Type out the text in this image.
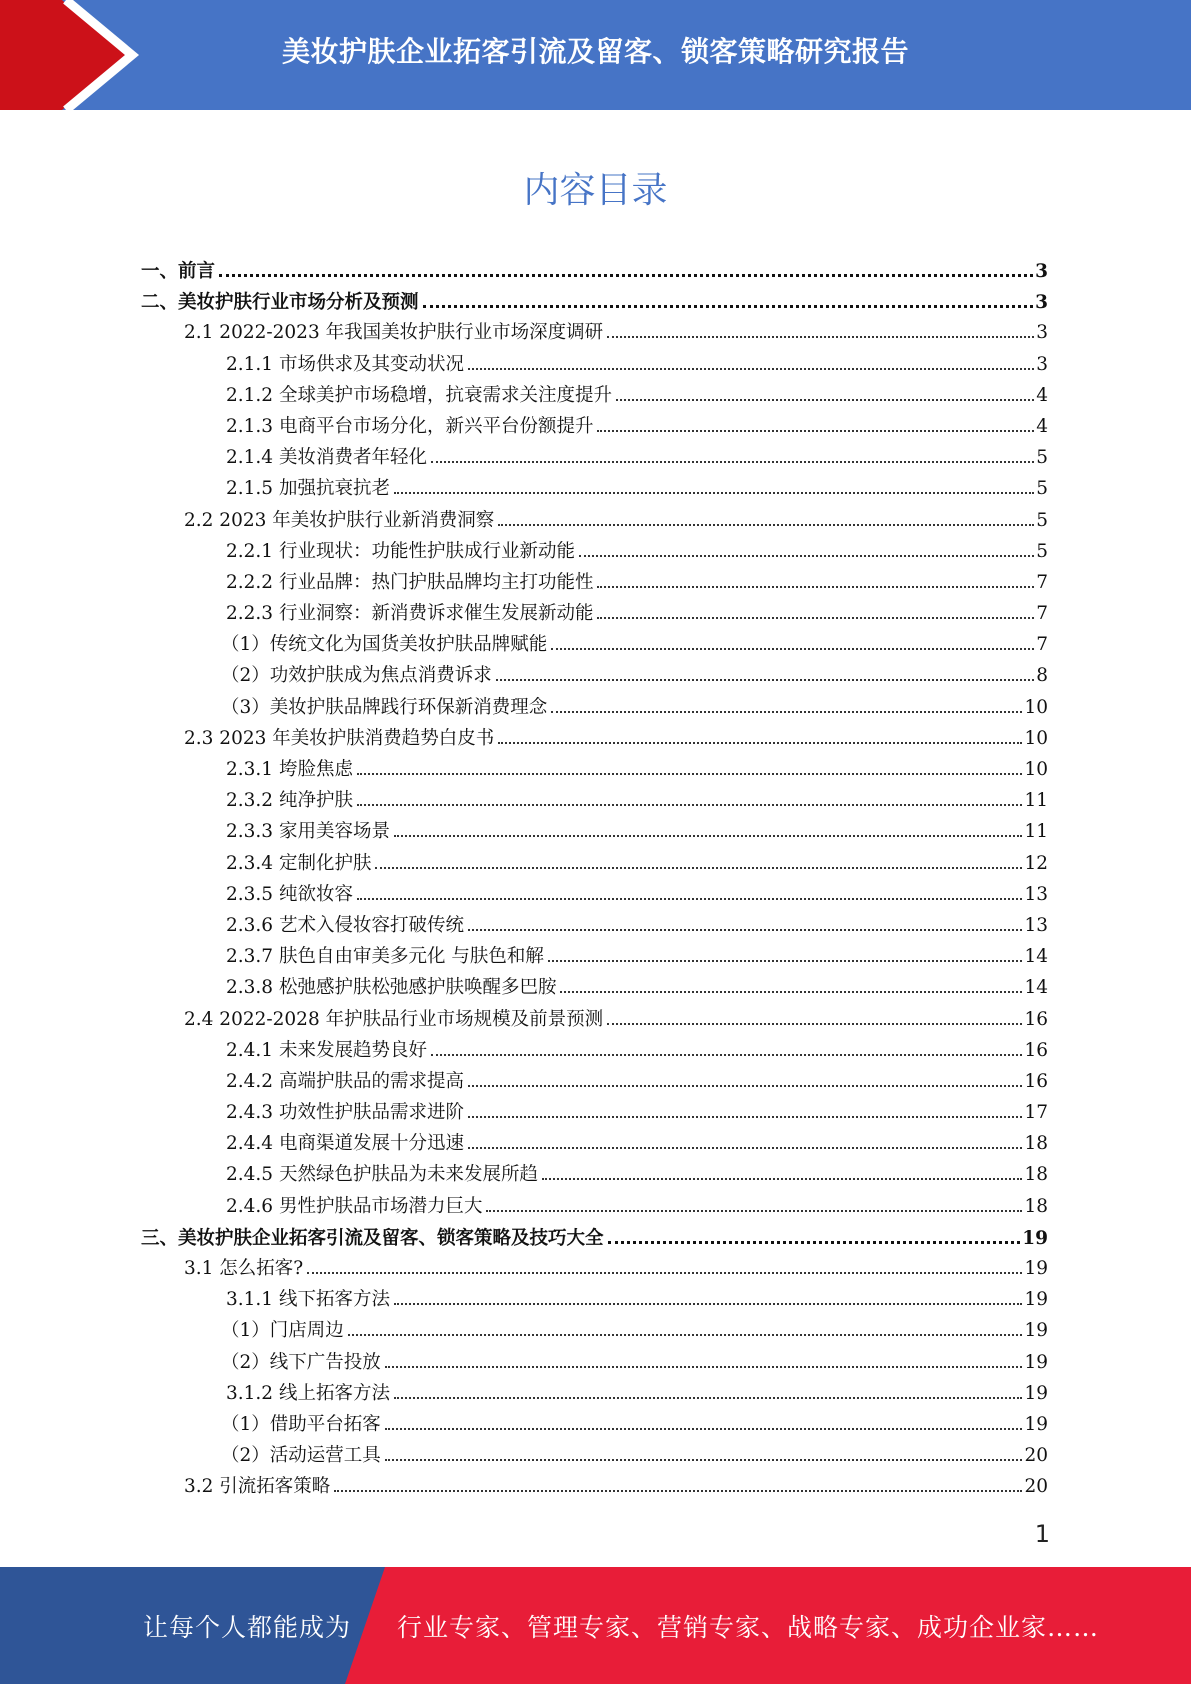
美妆护肤企业拓客引流及留客、锁客策略研究报告
内容目录
一、前言	3
二、美妆护肤行业市场分析及预测	3
2.1 2022-2023 年我国美妆护肤行业市场深度调研	3
2.1.1 市场供求及其变动状况	3
2.1.2 全球美护市场稳增，抗衰需求关注度提升	4
2.1.3 电商平台市场分化，新兴平台份额提升	4
2.1.4 美妆消费者年轻化	5
2.1.5 加强抗衰抗老	5
2.2 2023 年美妆护肤行业新消费洞察	5
2.2.1 行业现状：功能性护肤成行业新动能	5
2.2.2 行业品牌：热门护肤品牌均主打功能性	7
2.2.3 行业洞察：新消费诉求催生发展新动能	7
（1）传统文化为国货美妆护肤品牌赋能	7
（2）功效护肤成为焦点消费诉求	8
（3）美妆护肤品牌践行环保新消费理念	10
2.3 2023 年美妆护肤消费趋势白皮书	10
2.3.1 垮脸焦虑	10
2.3.2 纯净护肤	11
2.3.3 家用美容场景	11
2.3.4 定制化护肤	12
2.3.5 纯欲妆容	13
2.3.6 艺术入侵妆容打破传统	13
2.3.7 肤色自由审美多元化 与肤色和解	14
2.3.8 松弛感护肤松弛感护肤唤醒多巴胺	14
2.4 2022-2028 年护肤品行业市场规模及前景预测	16
2.4.1 未来发展趋势良好	16
2.4.2 高端护肤品的需求提高	16
2.4.3 功效性护肤品需求进阶	17
2.4.4 电商渠道发展十分迅速	18
2.4.5 天然绿色护肤品为未来发展所趋	18
2.4.6 男性护肤品市场潜力巨大	18
三、美妆护肤企业拓客引流及留客、锁客策略及技巧大全	19
3.1 怎么拓客?	19
3.1.1 线下拓客方法	19
（1）门店周边	19
（2）线下广告投放	19
3.1.2 线上拓客方法	19
（1）借助平台拓客	19
（2）活动运营工具	20
3.2 引流拓客策略	20
1
让每个人都能成为 行业专家、管理专家、营销专家、战略专家、成功企业家……
